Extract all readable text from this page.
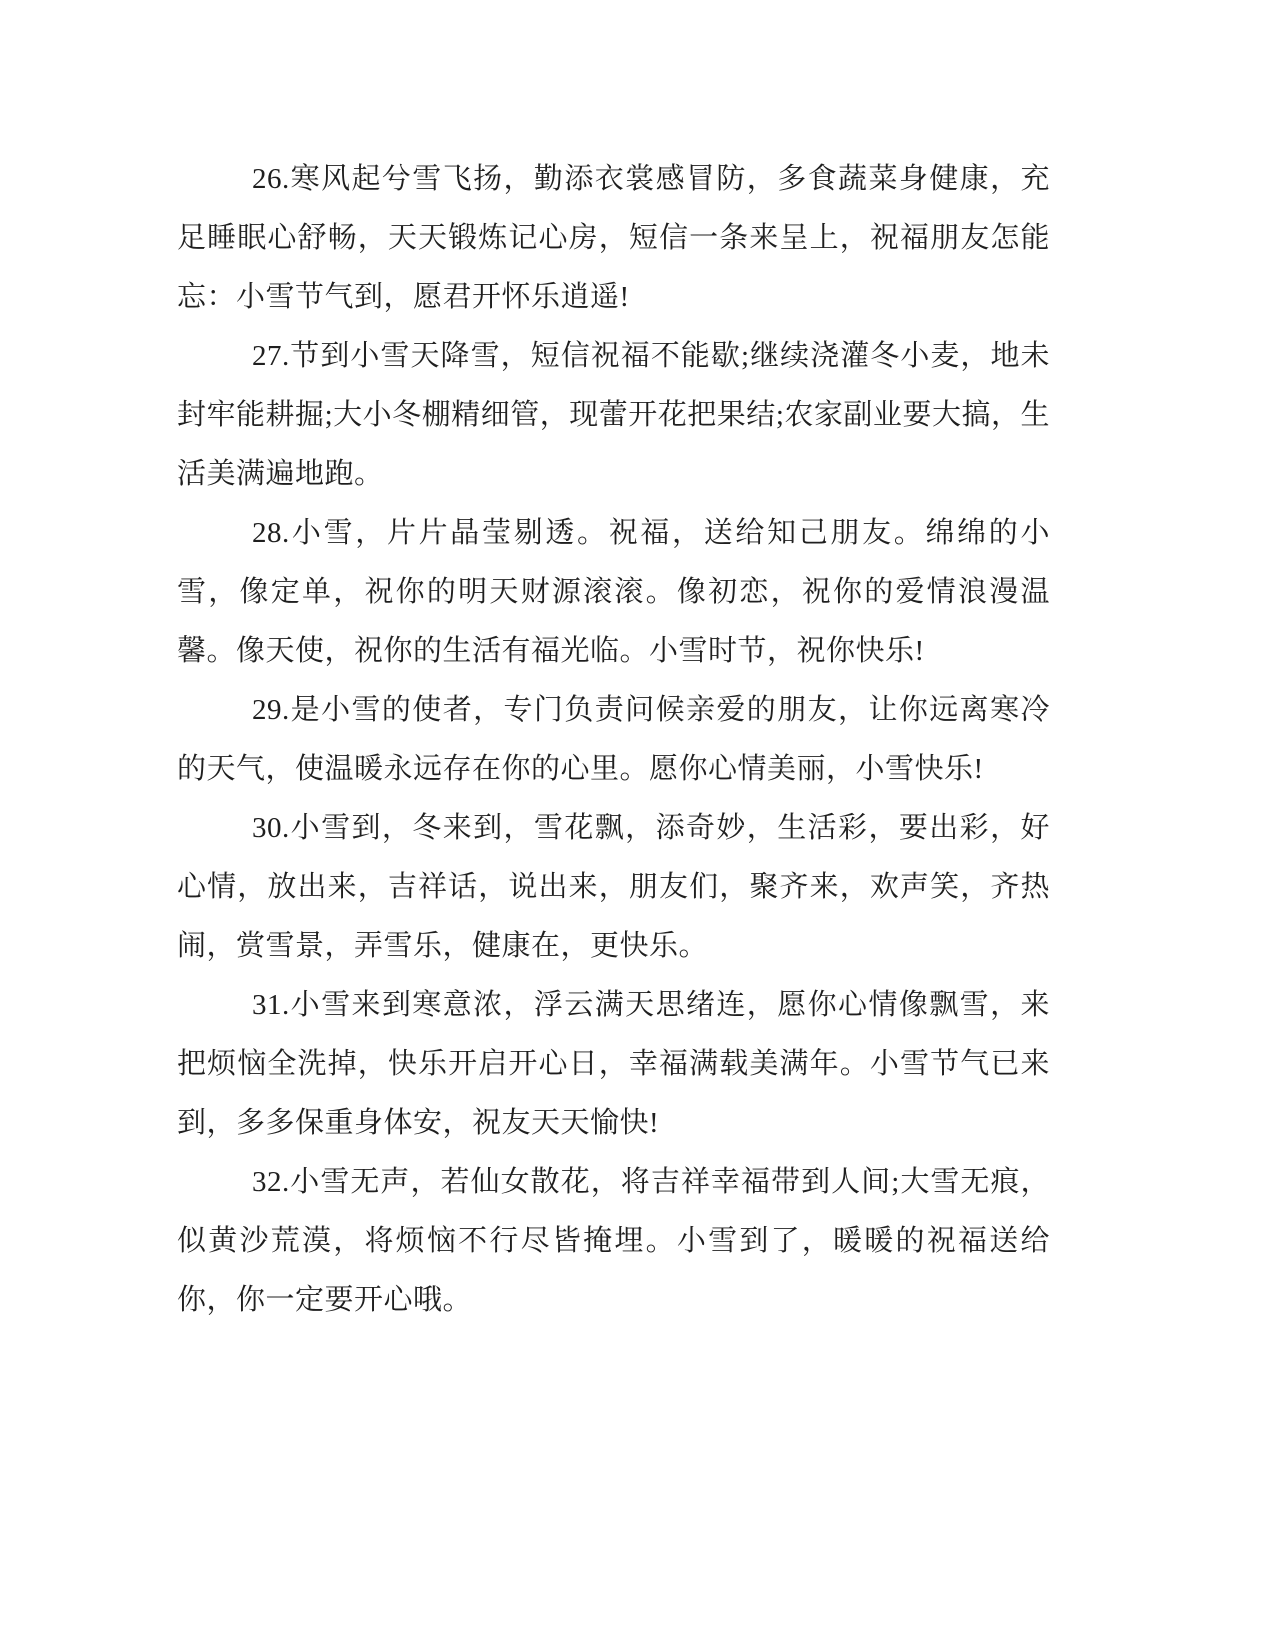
26.寒风起兮雪飞扬，勤添衣裳感冒防，多食蔬菜身健康，充足睡眠心舒畅，天天锻炼记心房，短信一条来呈上，祝福朋友怎能忘：小雪节气到，愿君开怀乐逍遥!

27.节到小雪天降雪，短信祝福不能歇;继续浇灌冬小麦，地未封牢能耕掘;大小冬棚精细管，现蕾开花把果结;农家副业要大搞，生活美满遍地跑。

28.小雪，片片晶莹剔透。祝福，送给知己朋友。绵绵的小雪，像定单，祝你的明天财源滚滚。像初恋，祝你的爱情浪漫温馨。像天使，祝你的生活有福光临。小雪时节，祝你快乐!

29.是小雪的使者，专门负责问候亲爱的朋友，让你远离寒冷的天气，使温暖永远存在你的心里。愿你心情美丽，小雪快乐!

30.小雪到，冬来到，雪花飘，添奇妙，生活彩，要出彩，好心情，放出来，吉祥话，说出来，朋友们，聚齐来，欢声笑，齐热闹，赏雪景，弄雪乐，健康在，更快乐。

31.小雪来到寒意浓，浮云满天思绪连，愿你心情像飘雪，来把烦恼全洗掉，快乐开启开心日，幸福满载美满年。小雪节气已来到，多多保重身体安，祝友天天愉快!

32.小雪无声，若仙女散花，将吉祥幸福带到人间;大雪无痕，似黄沙荒漠，将烦恼不行尽皆掩埋。小雪到了，暖暖的祝福送给你，你一定要开心哦。
